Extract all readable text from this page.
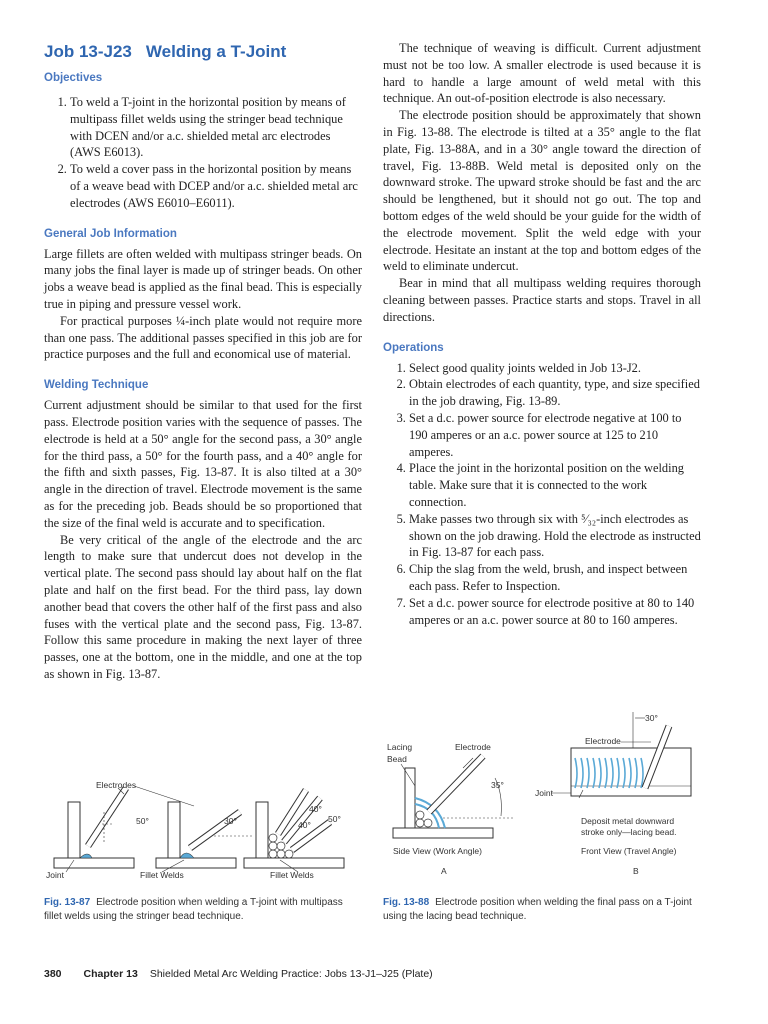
Job 13-J23 Welding a T-Joint
Objectives
1. To weld a T-joint in the horizontal position by means of multipass fillet welds using the stringer bead technique with DCEN and/or a.c. shielded metal arc electrodes (AWS E6013).
2. To weld a cover pass in the horizontal position by means of a weave bead with DCEP and/or a.c. shielded metal arc electrodes (AWS E6010–E6011).
General Job Information

Large fillets are often welded with multipass stringer beads. On many jobs the final layer is made up of stringer beads. On other jobs a weave bead is applied as the final bead. This is especially true in piping and pressure vessel work.

For practical purposes ¼-inch plate would not require more than one pass. The additional passes specified in this job are for practice purposes and the full and economical use of material.

Welding Technique

Current adjustment should be similar to that used for the first pass. Electrode position varies with the sequence of passes. The electrode is held at a 50° angle for the second pass, a 30° angle for the third pass, a 50° for the fourth pass, and a 40° angle for the fifth and sixth passes, Fig. 13-87. It is also tilted at a 30° angle in the direction of travel. Electrode movement is the same as for the preceding job. Beads should be so proportioned that the size of the final weld is accurate and to specification.

Be very critical of the angle of the electrode and the arc length to make sure that undercut does not develop in the vertical plate. The second pass should lay about half on the flat plate and half on the first bead. For the third pass, lay down another bead that covers the other half of the first pass and also fuses with the vertical plate and the second pass, Fig. 13-87. Follow this same procedure in making the next layer of three passes, one at the bottom, one in the middle, and one at the top as shown in Fig. 13-87.

The technique of weaving is difficult. Current adjustment must not be too low. A smaller electrode is used because it is hard to handle a large amount of weld metal with this technique. An out-of-position electrode is also necessary.

The electrode position should be approximately that shown in Fig. 13-88. The electrode is tilted at a 35° angle to the flat plate, Fig. 13-88A, and in a 30° angle toward the direction of travel, Fig. 13-88B. Weld metal is deposited only on the downward stroke. The upward stroke should be fast and the arc should be lengthened, but it should not go out. The top and bottom edges of the weld should be your guide for the width of the electrode movement. Split the weld edge with your electrode. Hesitate an instant at the top and bottom edges of the weld to eliminate undercut.

Bear in mind that all multipass welding requires thorough cleaning between passes. Practice starts and stops. Travel in all directions.

Operations
1. Select good quality joints welded in Job 13-J2.
2. Obtain electrodes of each quantity, type, and size specified in the job drawing, Fig. 13-89.
3. Set a d.c. power source for electrode negative at 100 to 190 amperes or an a.c. power source at 125 to 210 amperes.
4. Place the joint in the horizontal position on the welding table. Make sure that it is connected to the work connection.
5. Make passes two through six with ⁵⁄₃₂-inch electrodes as shown on the job drawing. Hold the electrode as instructed in Fig. 13-87 for each pass.
6. Chip the slag from the weld, brush, and inspect between each pass. Refer to Inspection.
7. Set a d.c. power source for electrode positive at 80 to 140 amperes or an a.c. power source at 80 to 160 amperes.
Electrodes
50°	30°
40°
40°
50°
Joint	Fillet Welds	Fillet Welds
Fig. 13-87 Electrode position when welding a T-joint with multipass fillet welds using the stringer bead technique.
Lacing
Bead
Electrode
35°
Side View (Work Angle)
A
30°
Electrode
Joint
Deposit metal downward
stroke only—lacing bead.
Front View (Travel Angle)
B
Fig. 13-88 Electrode position when welding the final pass on a T-joint using the lacing bead technique.
380 Chapter 13 Shielded Metal Arc Welding Practice: Jobs 13-J1–J25 (Plate)
